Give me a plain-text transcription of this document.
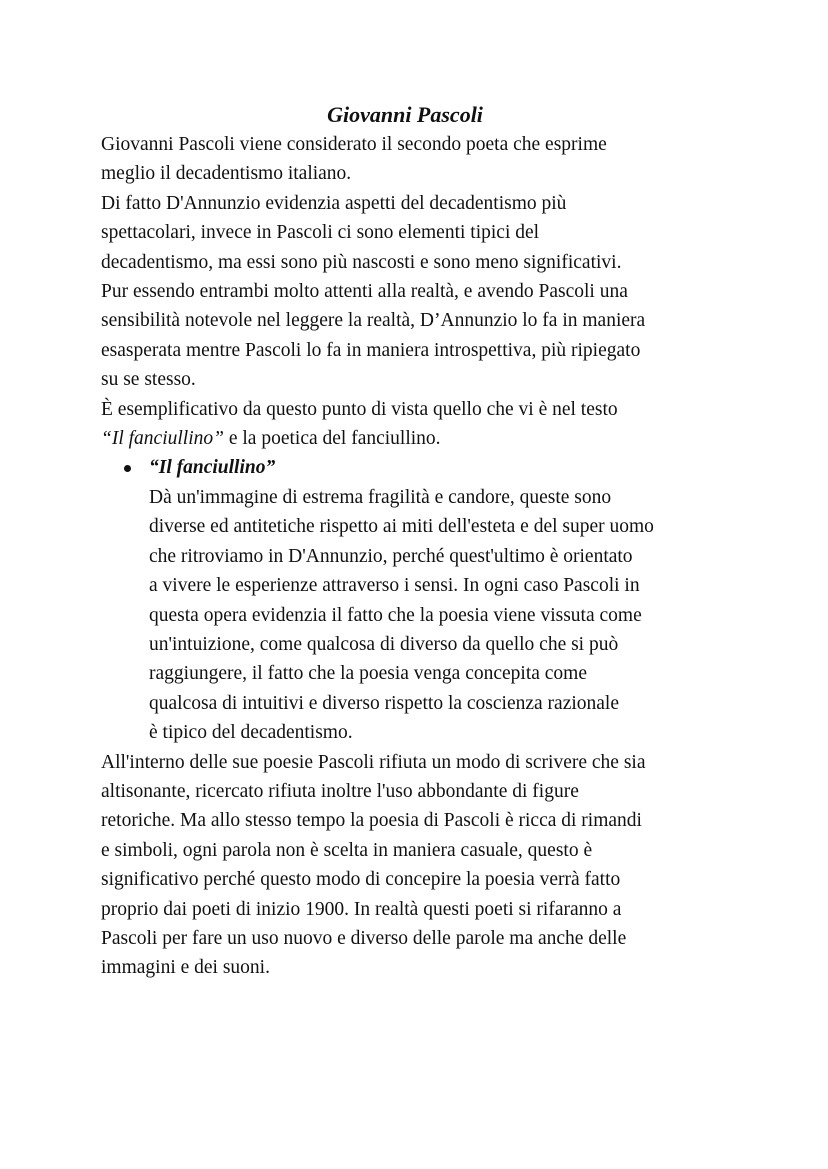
Giovanni Pascoli

Giovanni Pascoli viene considerato il secondo poeta che esprime

meglio il decadentismo italiano.

Di fatto D'Annunzio evidenzia aspetti del decadentismo più

spettacolari, invece in Pascoli ci sono elementi tipici del

decadentismo, ma essi sono più nascosti e sono meno significativi.

Pur essendo entrambi molto attenti alla realtà, e avendo Pascoli una

sensibilità notevole nel leggere la realtà, D’Annunzio lo fa in maniera

esasperata mentre Pascoli lo fa in maniera introspettiva, più ripiegato

su se stesso.

È esemplificativo da questo punto di vista quello che vi è nel testo

“Il fanciullino” e la poetica del fanciullino.

“Il fanciullino”

Dà un'immagine di estrema fragilità e candore, queste sono

diverse ed antitetiche rispetto ai miti dell'esteta e del super uomo

che ritroviamo in D'Annunzio, perché quest'ultimo è orientato

a vivere le esperienze attraverso i sensi. In ogni caso Pascoli in

questa opera evidenzia il fatto che la poesia viene vissuta come

un'intuizione, come qualcosa di diverso da quello che si può

raggiungere, il fatto che la poesia venga concepita come

qualcosa di intuitivi e diverso rispetto la coscienza razionale

è tipico del decadentismo.

All'interno delle sue poesie Pascoli rifiuta un modo di scrivere che sia

altisonante, ricercato rifiuta inoltre l'uso abbondante di figure

retoriche. Ma allo stesso tempo la poesia di Pascoli è ricca di rimandi

e simboli, ogni parola non è scelta in maniera casuale, questo è

significativo perché questo modo di concepire la poesia verrà fatto

proprio dai poeti di inizio 1900. In realtà questi poeti si rifaranno a

Pascoli per fare un uso nuovo e diverso delle parole ma anche delle

immagini e dei suoni.
